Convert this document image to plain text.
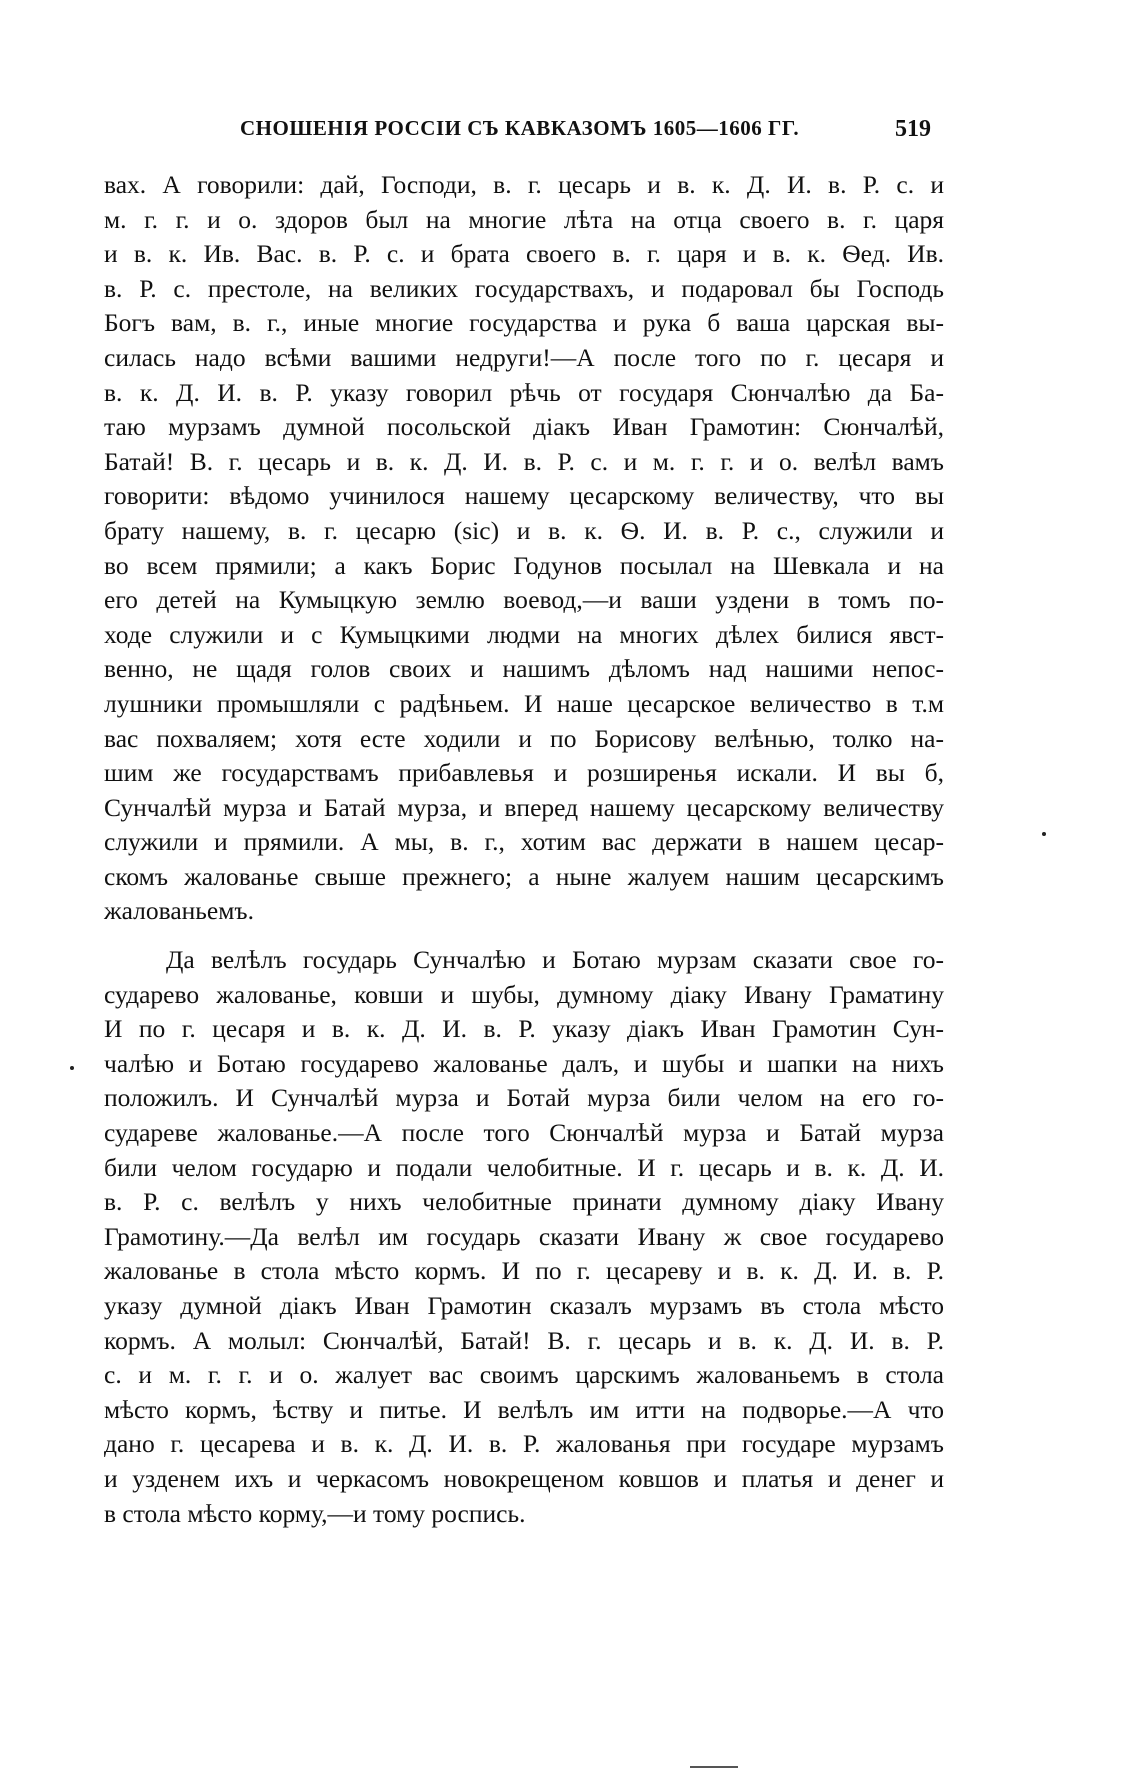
СНОШЕНІЯ РОССІИ СЪ КАВКАЗОМЪ 1605—1606 ГГ.	519
вах. А говорили: дай, Господи, в. г. цесарь и в. к. Д. И. в. Р. с. и
м. г. г. и о. здоров был на многие лѣта на отца своего в. г. царя
и в. к. Ив. Вас. в. Р. с. и брата своего в. г. царя и в. к. Ѳед. Ив.
в. Р. с. престоле, на великих государствахъ, и подаровал бы Господь
Богъ вам, в. г., иные многие государства и рука б ваша царская вы-
силась надо всѣми вашими недруги!—А после того по г. цесаря и
в. к. Д. И. в. Р. указу говорил рѣчь от государя Сюнчалѣю да Ба-
таю мурзамъ думной посольской діакъ Иван Грамотин: Сюнчалѣй,
Батай! В. г. цесарь и в. к. Д. И. в. Р. с. и м. г. г. и о. велѣл вамъ
говорити: вѣдомо учинилося нашему цесарскому величеству, что вы
брату нашему, в. г. цесарю (sic) и в. к. Ѳ. И. в. Р. с., служили и
во всем прямили; а какъ Борис Годунов посылал на Шевкала и на
его детей на Кумыцкую землю воевод,—и ваши уздени в томъ по-
ходе служили и с Кумыцкими людми на многих дѣлех билися явст-
венно, не щадя голов своих и нашимъ дѣломъ над нашими непос-
лушники промышляли с радѣньем. И наше цесарское величество в т.м
вас похваляем; хотя есте ходили и по Борисову велѣнью, толко на-
шим же государствамъ прибавлевья и розширенья искали. И вы б,
Сунчалѣй мурза и Батай мурза, и вперед нашему цесарскому величеству
служили и прямили. А мы, в. г., хотим вас держати в нашем цесар-
скомъ жалованье свыше прежнего; а ныне жалуем нашим цесарскимъ
жалованьемъ.
Да велѣлъ государь Сунчалѣю и Ботаю мурзам сказати свое го-
сударево жалованье, ковши и шубы, думному діаку Ивану Граматину
И по г. цесаря и в. к. Д. И. в. Р. указу діакъ Иван Грамотин Сун-
чалѣю и Ботаю государево жалованье далъ, и шубы и шапки на нихъ
положилъ. И Сунчалѣй мурза и Ботай мурза били челом на его го-
сударевe жалованье.—А после того Сюнчалѣй мурза и Батай мурза
били челом государю и подали челобитные. И г. цесарь и в. к. Д. И.
в. Р. с. велѣлъ у нихъ челобитные принати думному діаку Ивану
Грамотину.—Да велѣл им государь сказати Ивану ж свое государево
жалованье в стола мѣсто кормъ. И по г. цесареву и в. к. Д. И. в. Р.
указу думной діакъ Иван Грамотин сказалъ мурзамъ въ стола мѣсто
кормъ. А молыл: Сюнчалѣй, Батай! В. г. цесарь и в. к. Д. И. в. Р.
с. и м. г. г. и о. жалует вас своимъ царскимъ жалованьемъ в стола
мѣсто кормъ, ѣству и питье. И велѣлъ им итти на подворье.—А что
дано г. цесарева и в. к. Д. И. в. Р. жалованья при государе мурзамъ
и узденем ихъ и черкасомъ новокрещеном ковшов и платья и денег и
в стола мѣсто корму,—и тому роспись.
